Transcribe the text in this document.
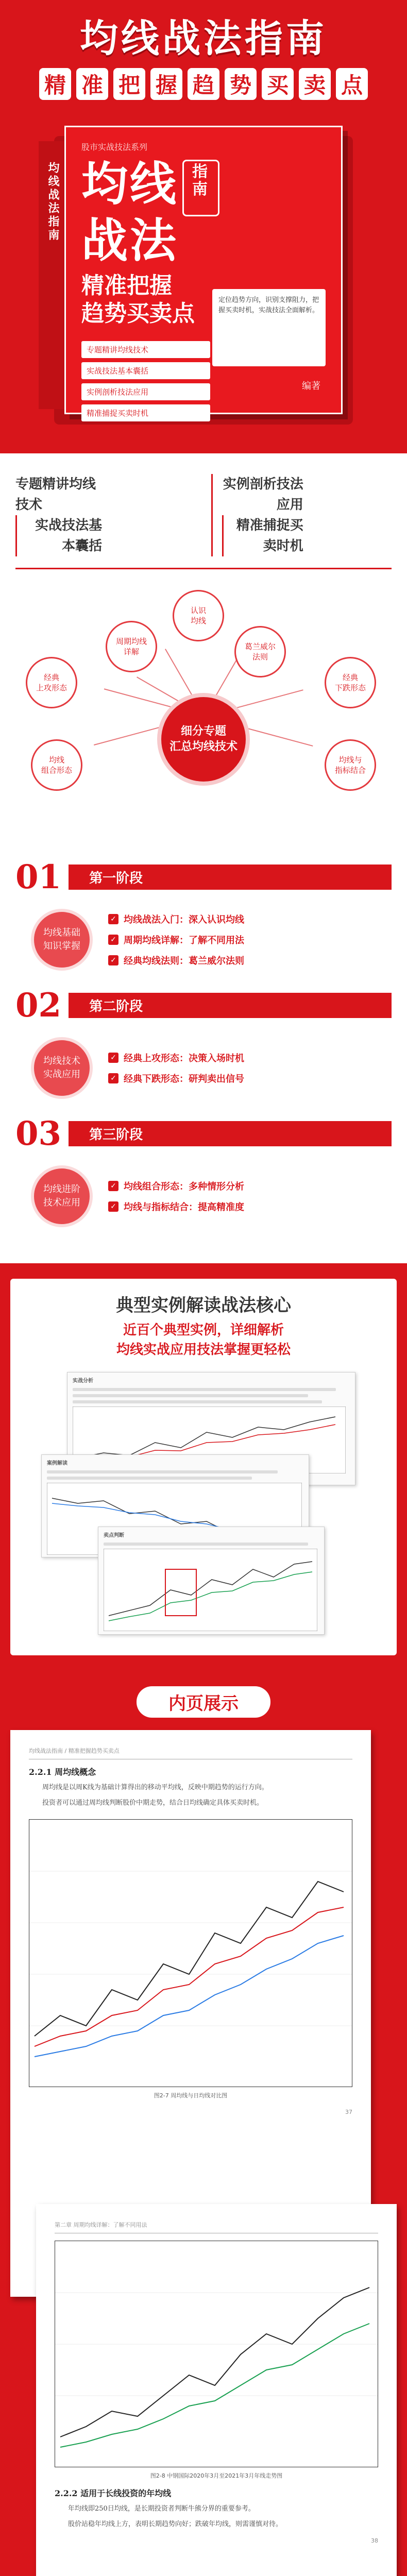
均线战法指南
精 准 把 握 趋 势 买 卖 点
均线战法指南
股市实战技法系列
均线 指南
战法
精准把握
趋势买卖点
专题精讲均线技术
实战技法基本囊括
实例剖析技法应用
精准捕捉买卖时机
定位趋势方向，识别支撑阻力，把握买卖时机，实战技法全面解析。
编著
专题精讲均线技术
实战技法基本囊括
实例剖析技法应用
精准捕捉买卖时机
认识
均线
周期均线
详解
葛兰威尔
法则
经典
上攻形态
经典
下跌形态
均线
组合形态
均线与
指标结合
细分专题
汇总均线技术
01	第一阶段
均线基础
知识掌握
✓ 均线战法入门：深入认识均线
✓ 周期均线详解：了解不同用法
✓ 经典均线法则：葛兰威尔法则
02	第二阶段
均线技术
实战应用
✓ 经典上攻形态：决策入场时机
✓ 经典下跌形态：研判卖出信号
03	第三阶段
均线进阶
技术应用
✓ 均线组合形态：多种情形分析
✓ 均线与指标结合：提高精准度
典型实例解读战法核心
近百个典型实例，详细解析
均线实战应用技法掌握更轻松
实战分析
案例解读
卖点判断
内页展示
均线战法指南 / 精准把握趋势买卖点
2.2.1 周均线概念

周均线是以周K线为基础计算得出的移动平均线，反映中期趋势的运行方向。

投资者可以通过周均线判断股价中期走势，结合日均线确定具体买卖时机。

图2-7 周均线与日均线对比图
37
第二章 周期均线详解：了解不同用法
图2-8 中钢国际2020年3月至2021年3月年线走势图
2.2.2 适用于长线投资的年均线

年均线即250日均线，是长期投资者判断牛熊分界的重要参考。

股价站稳年均线上方，表明长期趋势向好；跌破年均线，则需谨慎对待。

38
